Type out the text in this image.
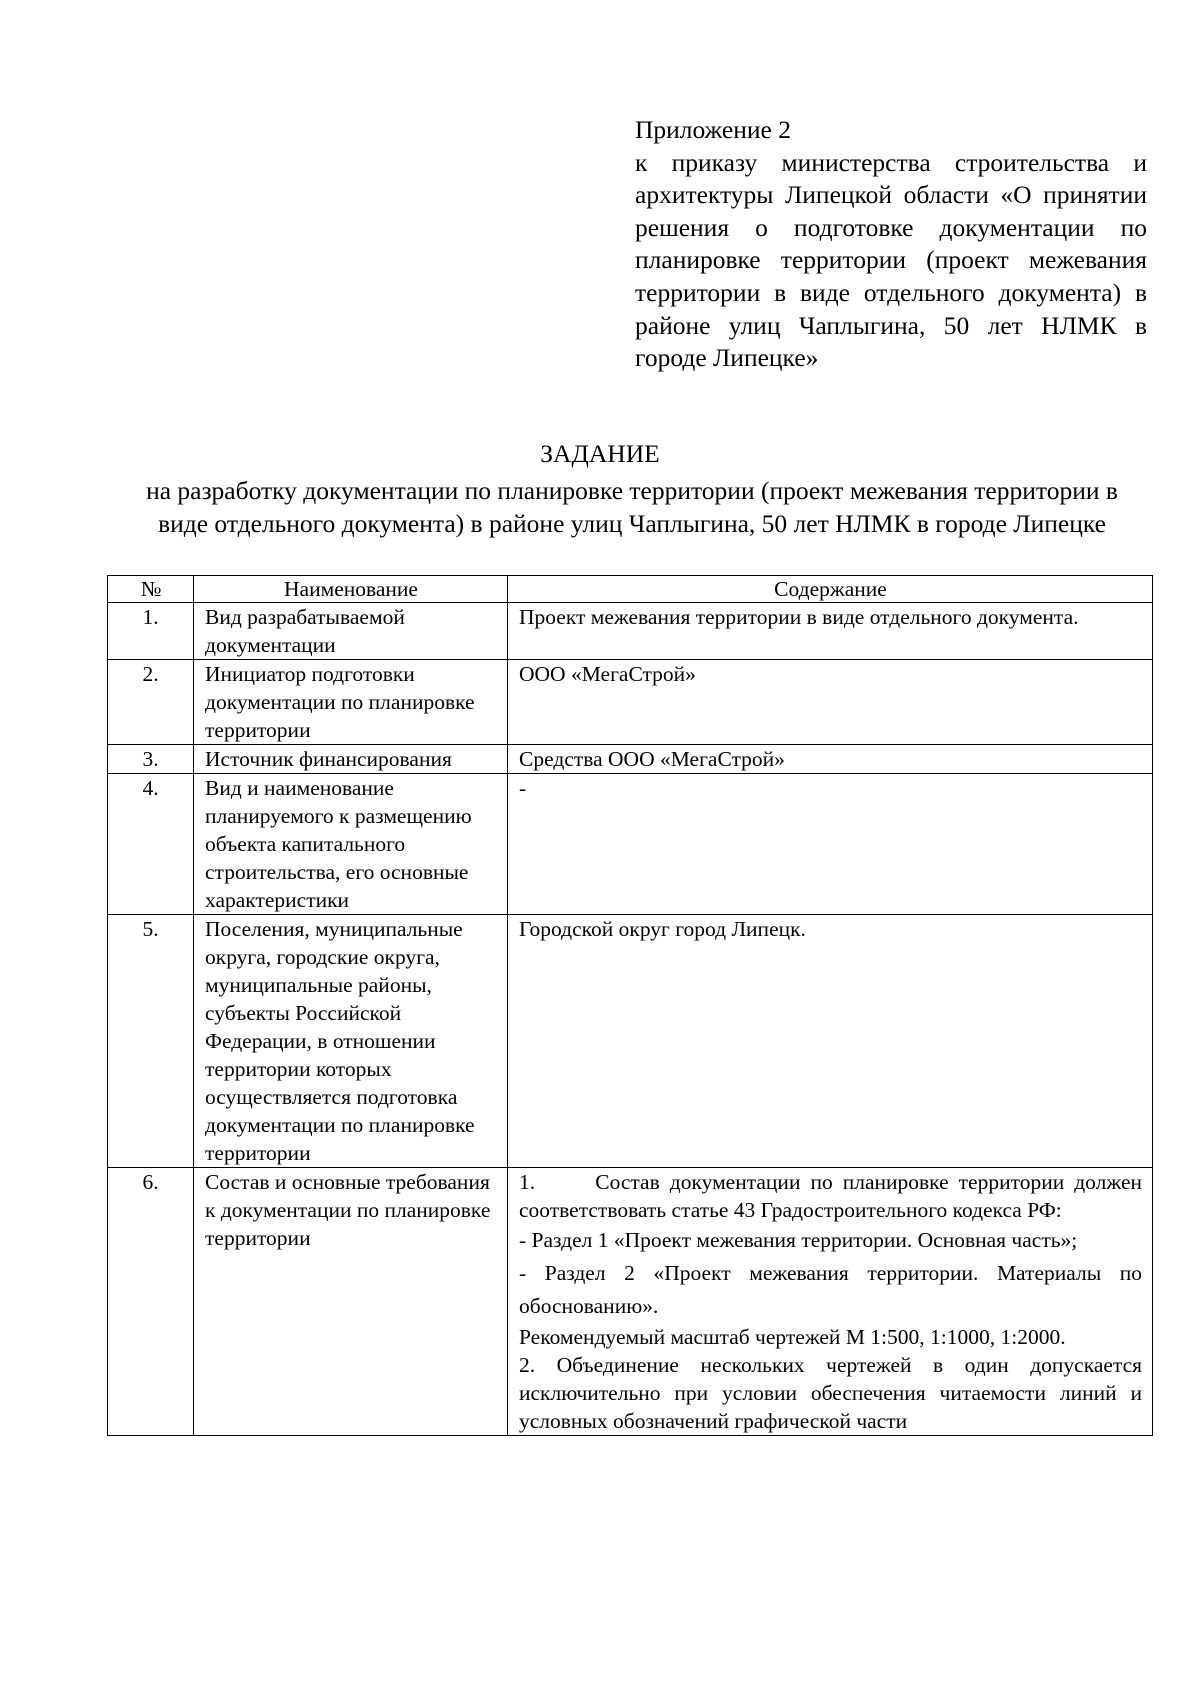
Приложение 2
к приказу министерства строительства и архитектуры Липецкой области «О принятии решения о подготовке документации по планировке территории (проект межевания территории в виде отдельного документа) в районе улиц Чаплыгина, 50 лет НЛМК в городе Липецке»
ЗАДАНИЕ
на разработку документации по планировке территории (проект межевания территории в виде отдельного документа) в районе улиц Чаплыгина, 50 лет НЛМК в городе Липецке
№	Наименование	Содержание
1.	Вид разрабатываемой документации	Проект межевания территории в виде отдельного документа.

2.	Инициатор подготовки документации по планировке территории	ООО «МегаСтрой»

3.	Источник финансирования	Средства ООО «МегаСтрой»

4.	Вид и наименование планируемого к размещению объекта капитального строительства, его основные характеристики	-

5.	Поселения, муниципальные округа, городские округа, муниципальные районы, субъекты Российской Федерации, в отношении территории которых осуществляется подготовка документации по планировке территории	Городской округ город Липецк.

6.	Состав и основные требования к документации по планировке территории	1.      Состав документации по планировке территории должен соответствовать статье 43 Градостроительного кодекса РФ:

- Раздел 1 «Проект межевания территории. Основная часть»;

- Раздел 2 «Проект межевания территории. Материалы по обоснованию».

Рекомендуемый масштаб чертежей М 1:500, 1:1000, 1:2000.

2. Объединение нескольких чертежей в один допускается исключительно при условии обеспечения читаемости линий и условных обозначений графической части
